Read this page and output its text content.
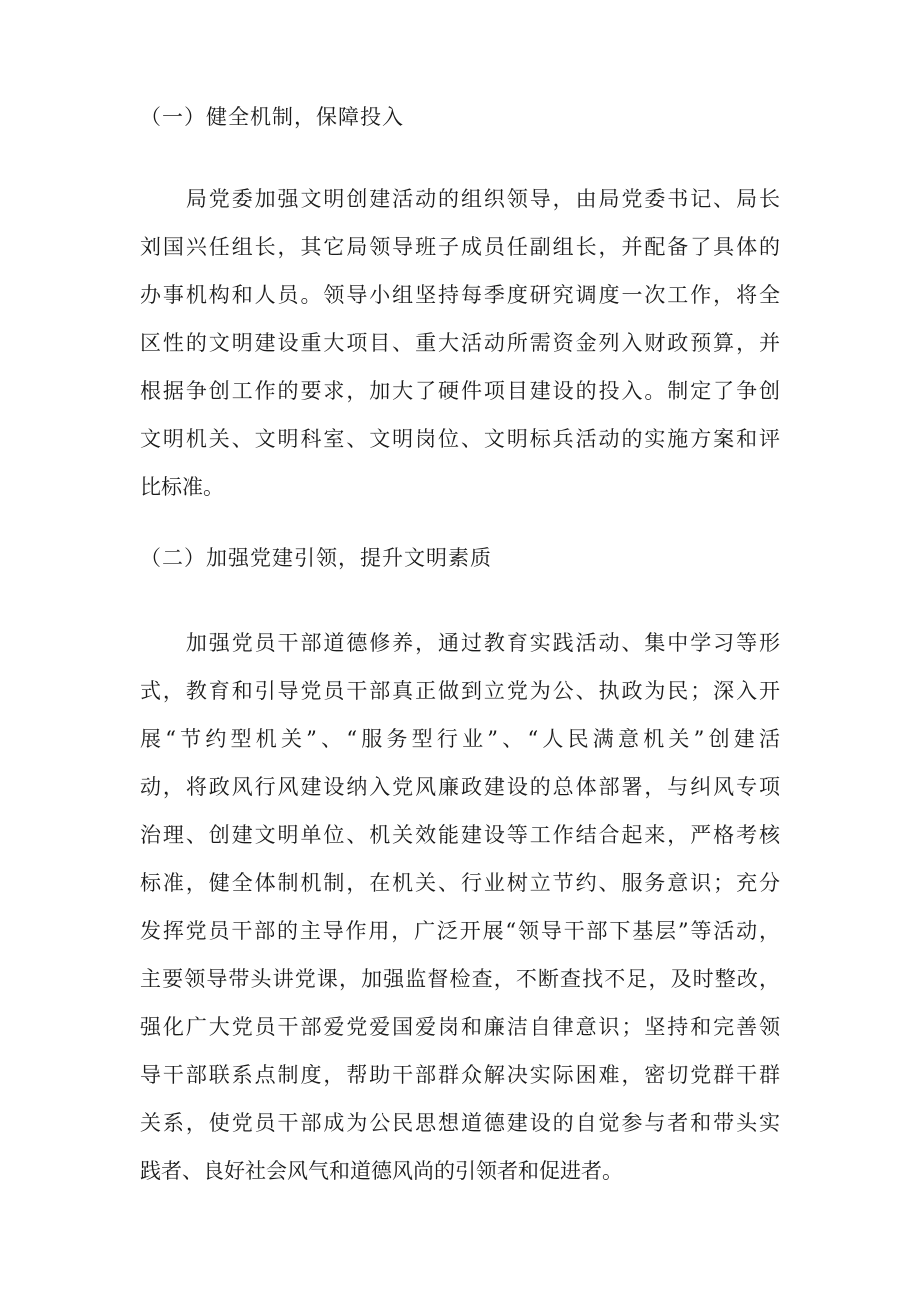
（一）健全机制，保障投入
　　局党委加强文明创建活动的组织领导，由局党委书记、局长
刘国兴任组长，其它局领导班子成员任副组长，并配备了具体的
办事机构和人员。领导小组坚持每季度研究调度一次工作，将全
区性的文明建设重大项目、重大活动所需资金列入财政预算，并
根据争创工作的要求，加大了硬件项目建设的投入。制定了争创
文明机关、文明科室、文明岗位、文明标兵活动的实施方案和评
比标准。
（二）加强党建引领，提升文明素质
　　加强党员干部道德修养，通过教育实践活动、集中学习等形
式，教育和引导党员干部真正做到立党为公、执政为民；深入开
展“节约型机关”、“服务型行业”、“人民满意机关”创建活
动，将政风行风建设纳入党风廉政建设的总体部署，与纠风专项
治理、创建文明单位、机关效能建设等工作结合起来，严格考核
标准，健全体制机制，在机关、行业树立节约、服务意识；充分
发挥党员干部的主导作用，广泛开展“领导干部下基层”等活动，
主要领导带头讲党课，加强监督检查，不断查找不足，及时整改，
强化广大党员干部爱党爱国爱岗和廉洁自律意识；坚持和完善领
导干部联系点制度，帮助干部群众解决实际困难，密切党群干群
关系，使党员干部成为公民思想道德建设的自觉参与者和带头实
践者、良好社会风气和道德风尚的引领者和促进者。
